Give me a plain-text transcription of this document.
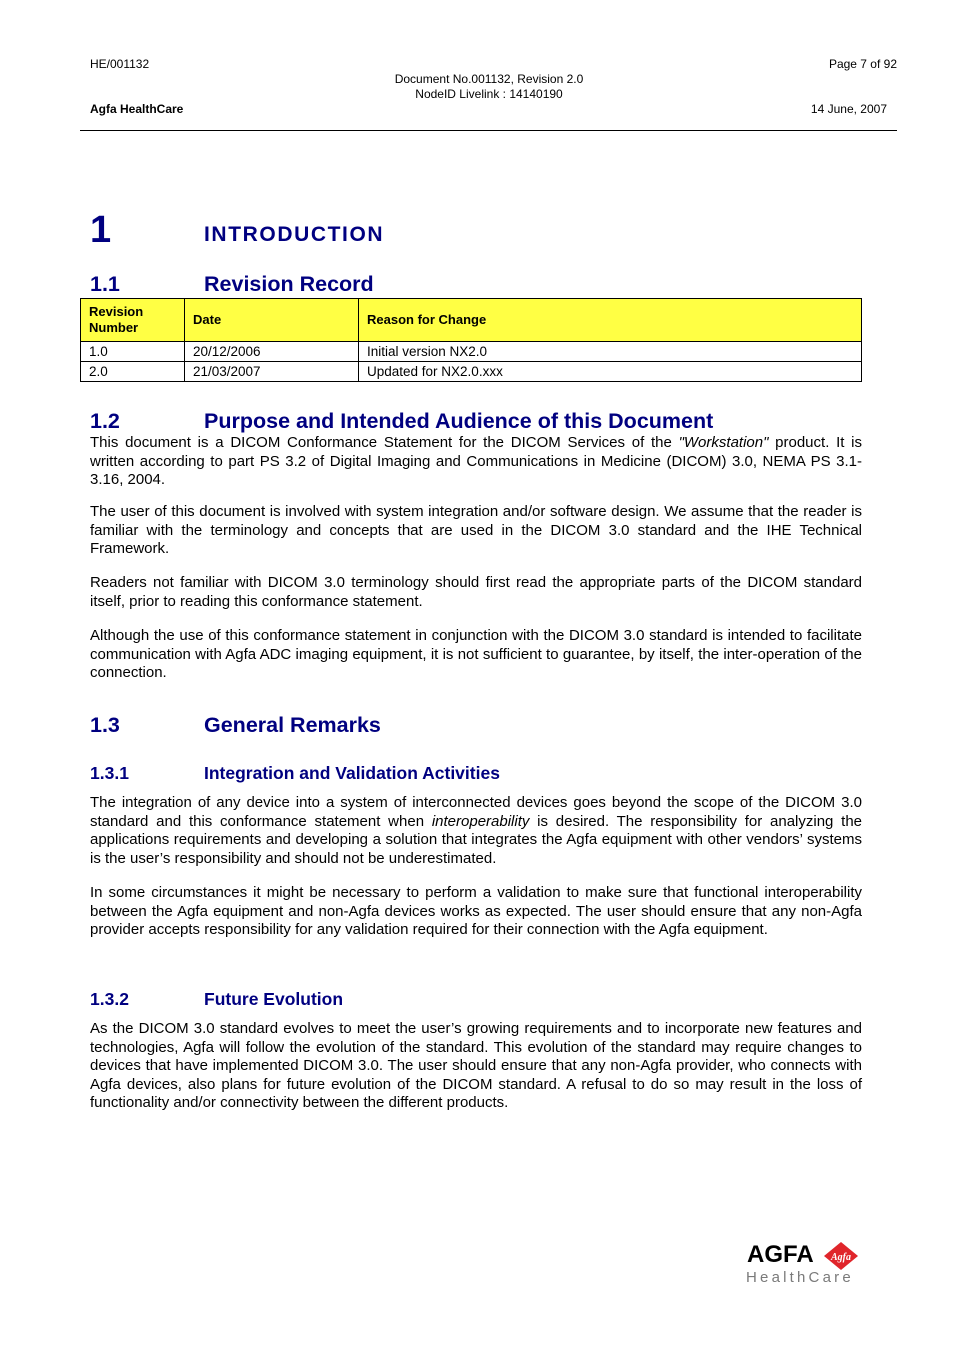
HE/001132	Page 7 of 92
Document No.001132, Revision 2.0
NodeID Livelink : 14140190
Agfa HealthCare	14 June, 2007
1	INTRODUCTION
1.1	Revision Record
Revision Number	Date	Reason for Change
1.0	20/12/2006	Initial version NX2.0
2.0	21/03/2007	Updated for NX2.0.xxx
1.2	Purpose and Intended Audience of this Document
This document is a DICOM Conformance Statement for the DICOM Services of the "Workstation" product. It is written according to part PS 3.2 of Digital Imaging and Communications in Medicine (DICOM) 3.0, NEMA PS 3.1-3.16, 2004.
The user of this document is involved with system integration and/or software design. We assume that the reader is familiar with the terminology and concepts that are used in the DICOM 3.0 standard and the IHE Technical Framework.
Readers not familiar with DICOM 3.0 terminology should first read the appropriate parts of the DICOM standard itself, prior to reading this conformance statement.
Although the use of this conformance statement in conjunction with the DICOM 3.0 standard is intended to facilitate communication with Agfa ADC imaging equipment, it is not sufficient to guarantee, by itself, the inter-operation of the connection.
1.3	General Remarks
1.3.1	Integration and Validation Activities
The integration of any device into a system of interconnected devices goes beyond the scope of the DICOM 3.0 standard and this conformance statement when interoperability is desired. The responsibility for analyzing the applications requirements and developing a solution that integrates the Agfa equipment with other vendors’ systems is the user’s responsibility and should not be underestimated.
In some circumstances it might be necessary to perform a validation to make sure that functional interoperability between the Agfa equipment and non-Agfa devices works as expected. The user should ensure that any non-Agfa provider accepts responsibility for any validation required for their connection with the Agfa equipment.
1.3.2	Future Evolution
As the DICOM 3.0 standard evolves to meet the user’s growing requirements and to incorporate new features and technologies, Agfa will follow the evolution of the standard. This evolution of the standard may require changes to devices that have implemented DICOM 3.0. The user should ensure that any non-Agfa provider, who connects with Agfa devices, also plans for future evolution of the DICOM standard. A refusal to do so may result in the loss of functionality and/or connectivity between the different products.
AGFA Agfa
HealthCare
